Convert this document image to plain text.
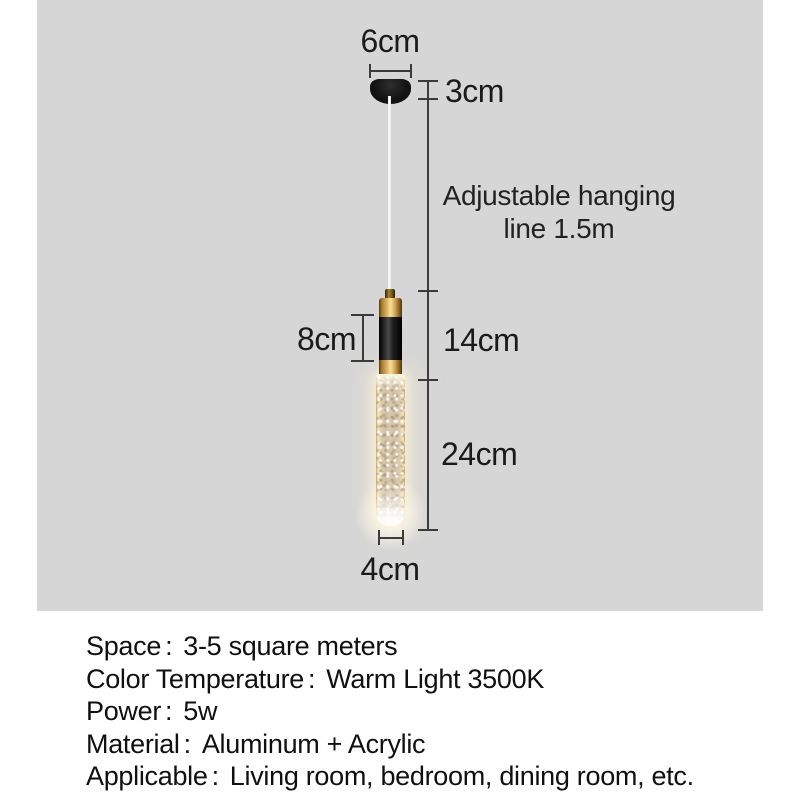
6cm
3cm
8cm	14cm
24cm
4cm
Adjustable hanging
line 1.5m
Space : 3-5 square meters
Color Temperature : Warm Light 3500K
Power : 5w
Material : Aluminum + Acrylic
Applicable : Living room, bedroom, dining room, etc.
